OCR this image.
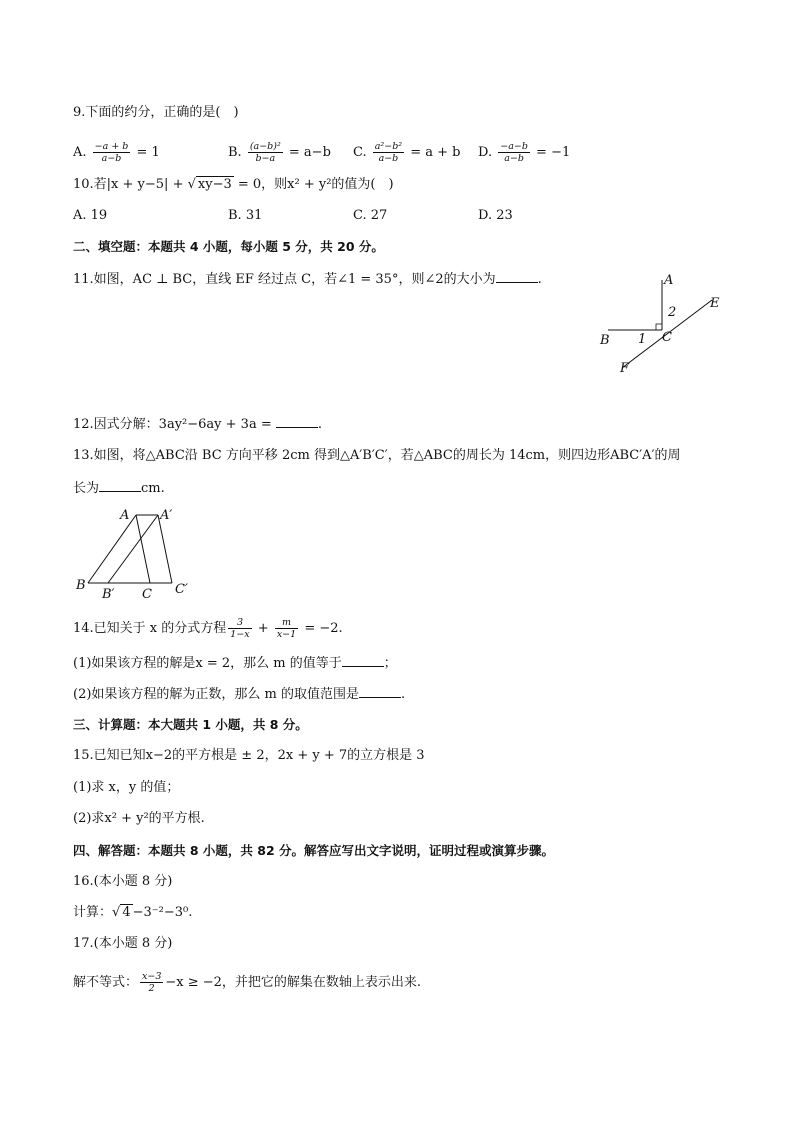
9.下面的约分，正确的是(　)
A. $\frac{-a + b}{a-b} = 1$	B. $\frac{\text{(a−b)²}}{b-a} = a-b$ C. $\frac{\text{a²−b²}}{a-b} = a + b$ D. $\frac{-a-b}{a-b} = -1$
10.若|x + y−5| + √ xy−3 = 0，则x² + y²的值为(　)
A. 19	B. 31	C. 27	D. 23
二、填空题：本题共 4 小题，每小题 5 分，共 20 分。
11.如图，AC ⊥ BC，直线 EF 经过点 C，若∠1 = 35°，则∠2的大小为	.	A
B	C
E
F
1
2
12.因式分解：3ay²−6ay + 3a =	.
13.如图，将△ABC沿 BC 方向平移 2cm 得到△A′B′C′，若△ABC的周长为 14cm，则四边形ABC′A′的周
长为	cm.
A A′
B
B′ C C′
14.已知关于 x 的分式方程 $\frac{3}{1-x} + \frac{m}{x-1} = -2$.
(1)如果该方程的解是x = 2，那么 m 的值等于	；
(2)如果该方程的解为正数，那么 m 的取值范围是	.
三、计算题：本大题共 1 小题，共 8 分。
15.已知已知x−2的平方根是 ± 2，2x + y + 7的立方根是 3
(1)求 x，y 的值；
(2)求x² + y²的平方根.
四、解答题：本题共 8 小题，共 82 分。解答应写出文字说明，证明过程或演算步骤。
16.(本小题 8 分)
计算：√ 4 −3⁻²−3⁰.
17.(本小题 8 分)
解不等式： $\frac{x-3}{2} -x \ge -2$，并把它的解集在数轴上表示出来.
